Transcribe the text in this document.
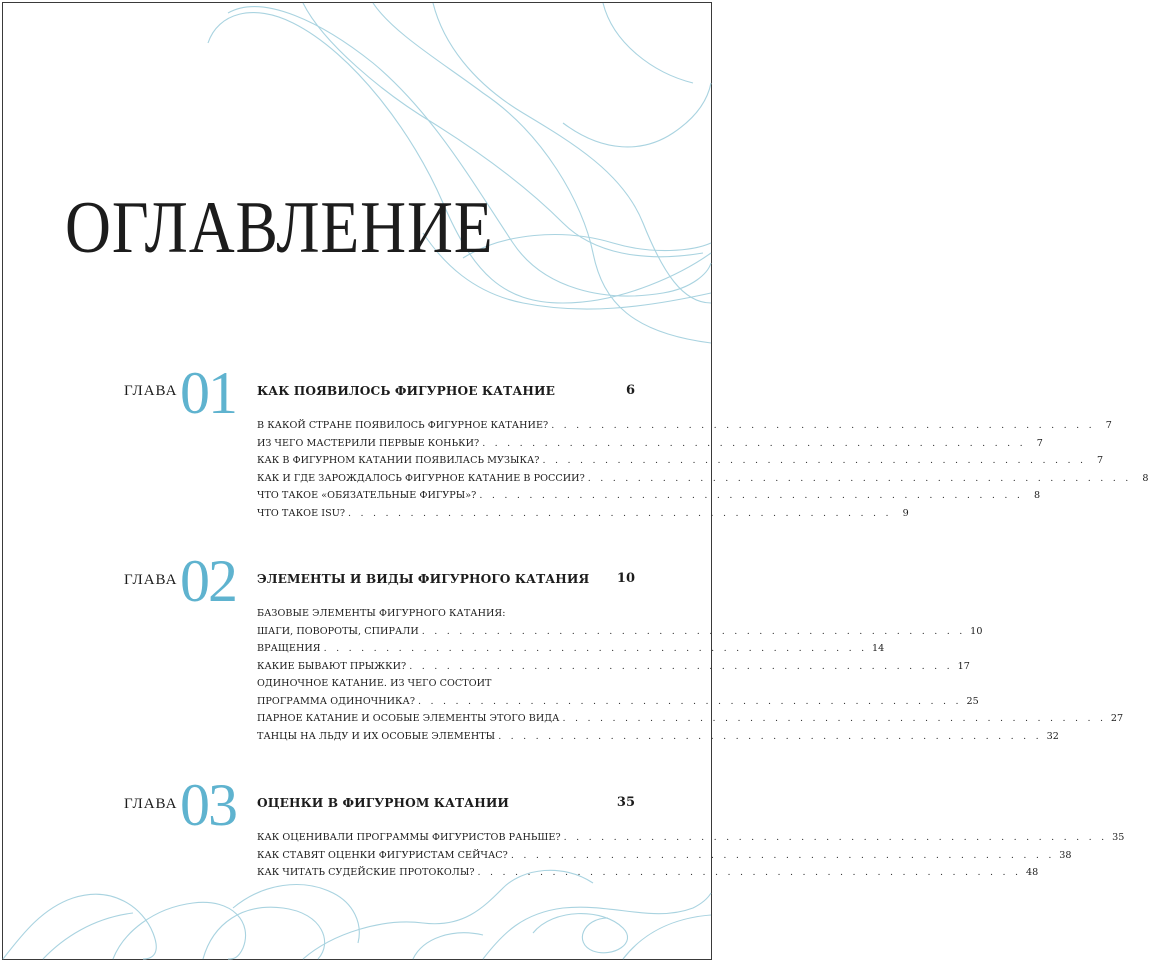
ОГЛАВЛЕНИЕ
ГЛАВА 01 КАК ПОЯВИЛОСЬ ФИГУРНОЕ КАТАНИЕ	6
В КАКОЙ СТРАНЕ ПОЯВИЛОСЬ ФИГУРНОЕ КАТАНИЕ? . . . . . . . . . . . . . . . . . . . . . . . . . . . . . . . . . . . . . . . . . . . .	7
ИЗ ЧЕГО МАСТЕРИЛИ ПЕРВЫЕ КОНЬКИ? . . . . . . . . . . . . . . . . . . . . . . . . . . . . . . . . . . . . . . . . . . . .	7
КАК В ФИГУРНОМ КАТАНИИ ПОЯВИЛАСЬ МУЗЫКА? . . . . . . . . . . . . . . . . . . . . . . . . . . . . . . . . . . . . . . . . . . . .	7
КАК И ГДЕ ЗАРОЖДАЛОСЬ ФИГУРНОЕ КАТАНИЕ В РОССИИ? . . . . . . . . . . . . . . . . . . . . . . . . . . . . . . . . . . . . . . . . . . . .	8
ЧТО ТАКОЕ «ОБЯЗАТЕЛЬНЫЕ ФИГУРЫ»? . . . . . . . . . . . . . . . . . . . . . . . . . . . . . . . . . . . . . . . . . . . .	8
ЧТО ТАКОЕ ISU? . . . . . . . . . . . . . . . . . . . . . . . . . . . . . . . . . . . . . . . . . . . .	9
ГЛАВА 02 ЭЛЕМЕНТЫ И ВИДЫ ФИГУРНОГО КАТАНИЯ 10
БАЗОВЫЕ ЭЛЕМЕНТЫ ФИГУРНОГО КАТАНИЯ:
ШАГИ, ПОВОРОТЫ, СПИРАЛИ . . . . . . . . . . . . . . . . . . . . . . . . . . . . . . . . . . . . . . . . . . . . 10
ВРАЩЕНИЯ . . . . . . . . . . . . . . . . . . . . . . . . . . . . . . . . . . . . . . . . . . . . 14
КАКИЕ БЫВАЮТ ПРЫЖКИ? . . . . . . . . . . . . . . . . . . . . . . . . . . . . . . . . . . . . . . . . . . . . 17
ОДИНОЧНОЕ КАТАНИЕ. ИЗ ЧЕГО СОСТОИТ
ПРОГРАММА ОДИНОЧНИКА? . . . . . . . . . . . . . . . . . . . . . . . . . . . . . . . . . . . . . . . . . . . . 25
ПАРНОЕ КАТАНИЕ И ОСОБЫЕ ЭЛЕМЕНТЫ ЭТОГО ВИДА . . . . . . . . . . . . . . . . . . . . . . . . . . . . . . . . . . . . . . . . . . . . 27
ТАНЦЫ НА ЛЬДУ И ИХ ОСОБЫЕ ЭЛЕМЕНТЫ . . . . . . . . . . . . . . . . . . . . . . . . . . . . . . . . . . . . . . . . . . . . 32
ГЛАВА 03 ОЦЕНКИ В ФИГУРНОМ КАТАНИИ	35
КАК ОЦЕНИВАЛИ ПРОГРАММЫ ФИГУРИСТОВ РАНЬШЕ? . . . . . . . . . . . . . . . . . . . . . . . . . . . . . . . . . . . . . . . . . . . . 35
КАК СТАВЯТ ОЦЕНКИ ФИГУРИСТАМ СЕЙЧАС? . . . . . . . . . . . . . . . . . . . . . . . . . . . . . . . . . . . . . . . . . . . . 38
КАК ЧИТАТЬ СУДЕЙСКИЕ ПРОТОКОЛЫ? . . . . . . . . . . . . . . . . . . . . . . . . . . . . . . . . . . . . . . . . . . . . 48
